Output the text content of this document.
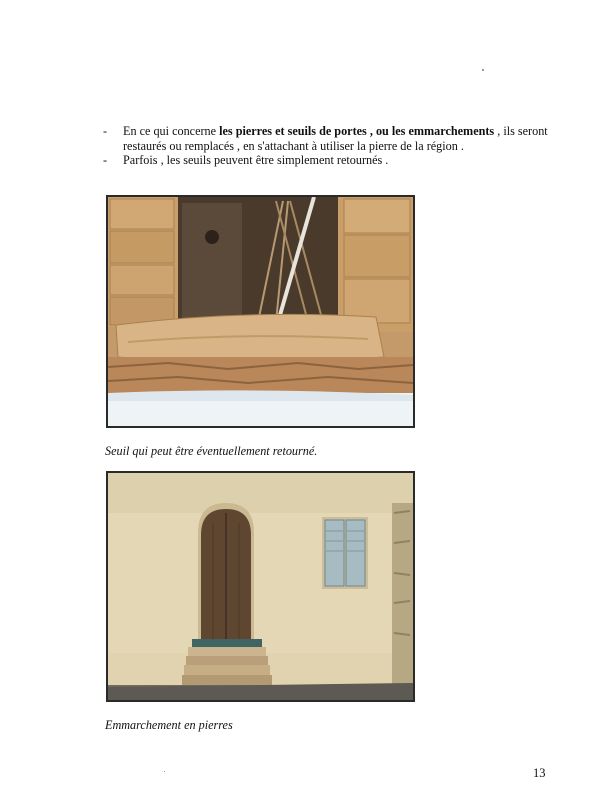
- En ce qui concerne les pierres et seuils de portes , ou les emmarchements , ils seront restaurés ou remplacés , en s'attachant à utiliser la pierre de la région .
- Parfois , les seuils peuvent être simplement retournés .
Seuil qui peut être éventuellement retourné.
Emmarchement en pierres
13
